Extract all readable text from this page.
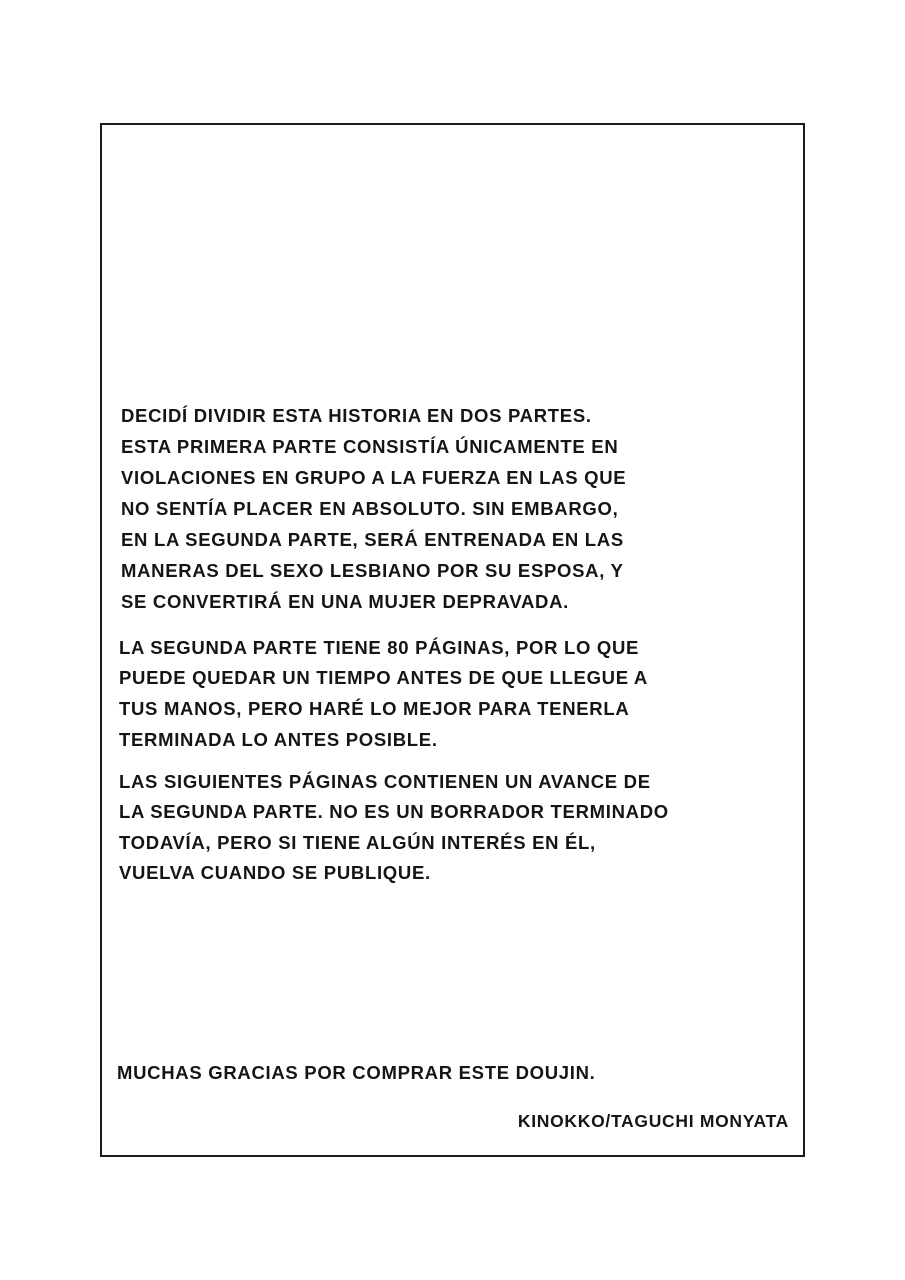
DECIDÍ DIVIDIR ESTA HISTORIA EN DOS PARTES.
ESTA PRIMERA PARTE CONSISTÍA ÚNICAMENTE EN
VIOLACIONES EN GRUPO A LA FUERZA EN LAS QUE
NO SENTÍA PLACER EN ABSOLUTO. SIN EMBARGO,
EN LA SEGUNDA PARTE, SERÁ ENTRENADA EN LAS
MANERAS DEL SEXO LESBIANO POR SU ESPOSA, Y
SE CONVERTIRÁ EN UNA MUJER DEPRAVADA.
LA SEGUNDA PARTE TIENE 80 PÁGINAS, POR LO QUE
PUEDE QUEDAR UN TIEMPO ANTES DE QUE LLEGUE A
TUS MANOS, PERO HARÉ LO MEJOR PARA TENERLA
TERMINADA LO ANTES POSIBLE.
LAS SIGUIENTES PÁGINAS CONTIENEN UN AVANCE DE
LA SEGUNDA PARTE. NO ES UN BORRADOR TERMINADO
TODAVÍA, PERO SI TIENE ALGÚN INTERÉS EN ÉL,
VUELVA CUANDO SE PUBLIQUE.
MUCHAS GRACIAS POR COMPRAR ESTE DOUJIN.
KINOKKO/TAGUCHI MONYATA
